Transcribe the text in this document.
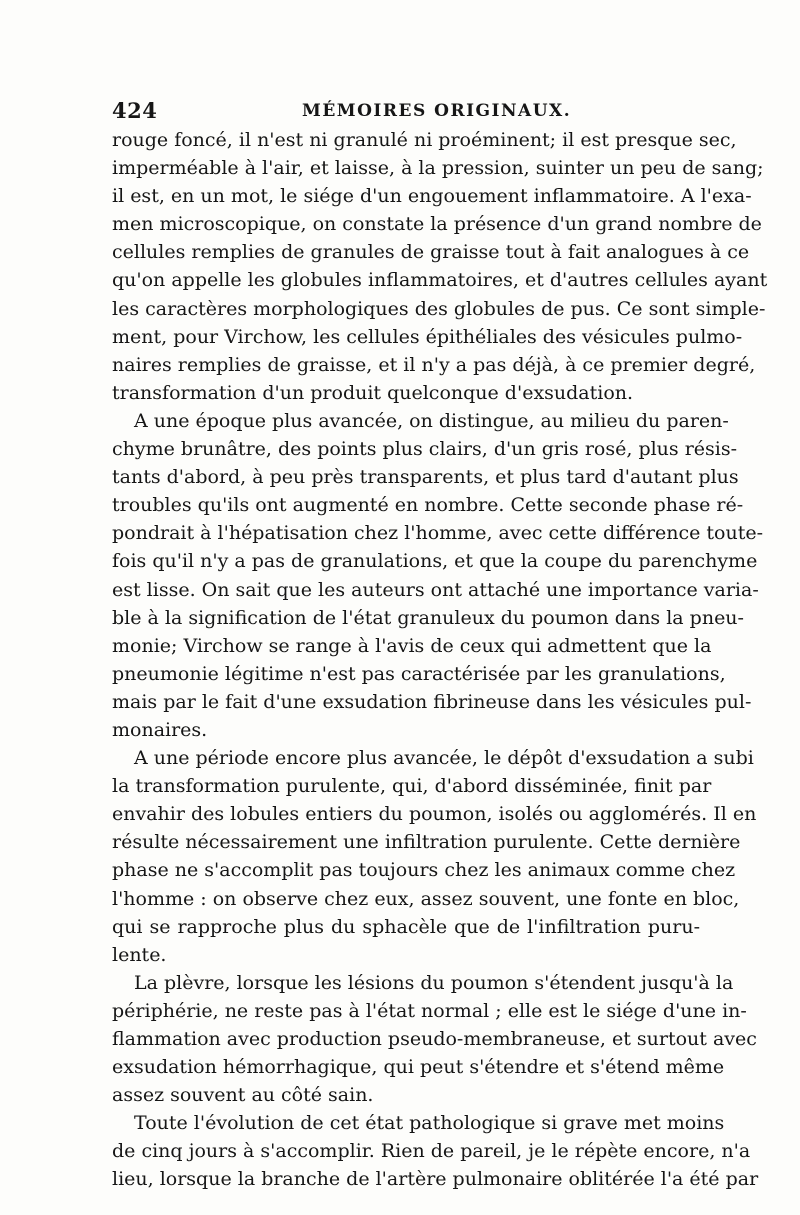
424	MÉMOIRES ORIGINAUX.
rouge foncé, il n'est ni granulé ni proéminent; il est presque sec,
imperméable à l'air, et laisse, à la pression, suinter un peu de sang;
il est, en un mot, le siége d'un engouement inflammatoire. A l'exa-
men microscopique, on constate la présence d'un grand nombre de
cellules remplies de granules de graisse tout à fait analogues à ce
qu'on appelle les globules inflammatoires, et d'autres cellules ayant
les caractères morphologiques des globules de pus. Ce sont simple-
ment, pour Virchow, les cellules épithéliales des vésicules pulmo-
naires remplies de graisse, et il n'y a pas déjà, à ce premier degré,
transformation d'un produit quelconque d'exsudation.
A une époque plus avancée, on distingue, au milieu du paren-
chyme brunâtre, des points plus clairs, d'un gris rosé, plus résis-
tants d'abord, à peu près transparents, et plus tard d'autant plus
troubles qu'ils ont augmenté en nombre. Cette seconde phase ré-
pondrait à l'hépatisation chez l'homme, avec cette différence toute-
fois qu'il n'y a pas de granulations, et que la coupe du parenchyme
est lisse. On sait que les auteurs ont attaché une importance varia-
ble à la signification de l'état granuleux du poumon dans la pneu-
monie; Virchow se range à l'avis de ceux qui admettent que la
pneumonie légitime n'est pas caractérisée par les granulations,
mais par le fait d'une exsudation fibrineuse dans les vésicules pul-
monaires.
A une période encore plus avancée, le dépôt d'exsudation a subi
la transformation purulente, qui, d'abord disséminée, finit par
envahir des lobules entiers du poumon, isolés ou agglomérés. Il en
résulte nécessairement une infiltration purulente. Cette dernière
phase ne s'accomplit pas toujours chez les animaux comme chez
l'homme : on observe chez eux, assez souvent, une fonte en bloc,
qui se rapproche plus du sphacèle que de l'infiltration puru-
lente.
La plèvre, lorsque les lésions du poumon s'étendent jusqu'à la
périphérie, ne reste pas à l'état normal ; elle est le siége d'une in-
flammation avec production pseudo-membraneuse, et surtout avec
exsudation hémorrhagique, qui peut s'étendre et s'étend même
assez souvent au côté sain.
Toute l'évolution de cet état pathologique si grave met moins
de cinq jours à s'accomplir. Rien de pareil, je le répète encore, n'a
lieu, lorsque la branche de l'artère pulmonaire oblitérée l'a été par
